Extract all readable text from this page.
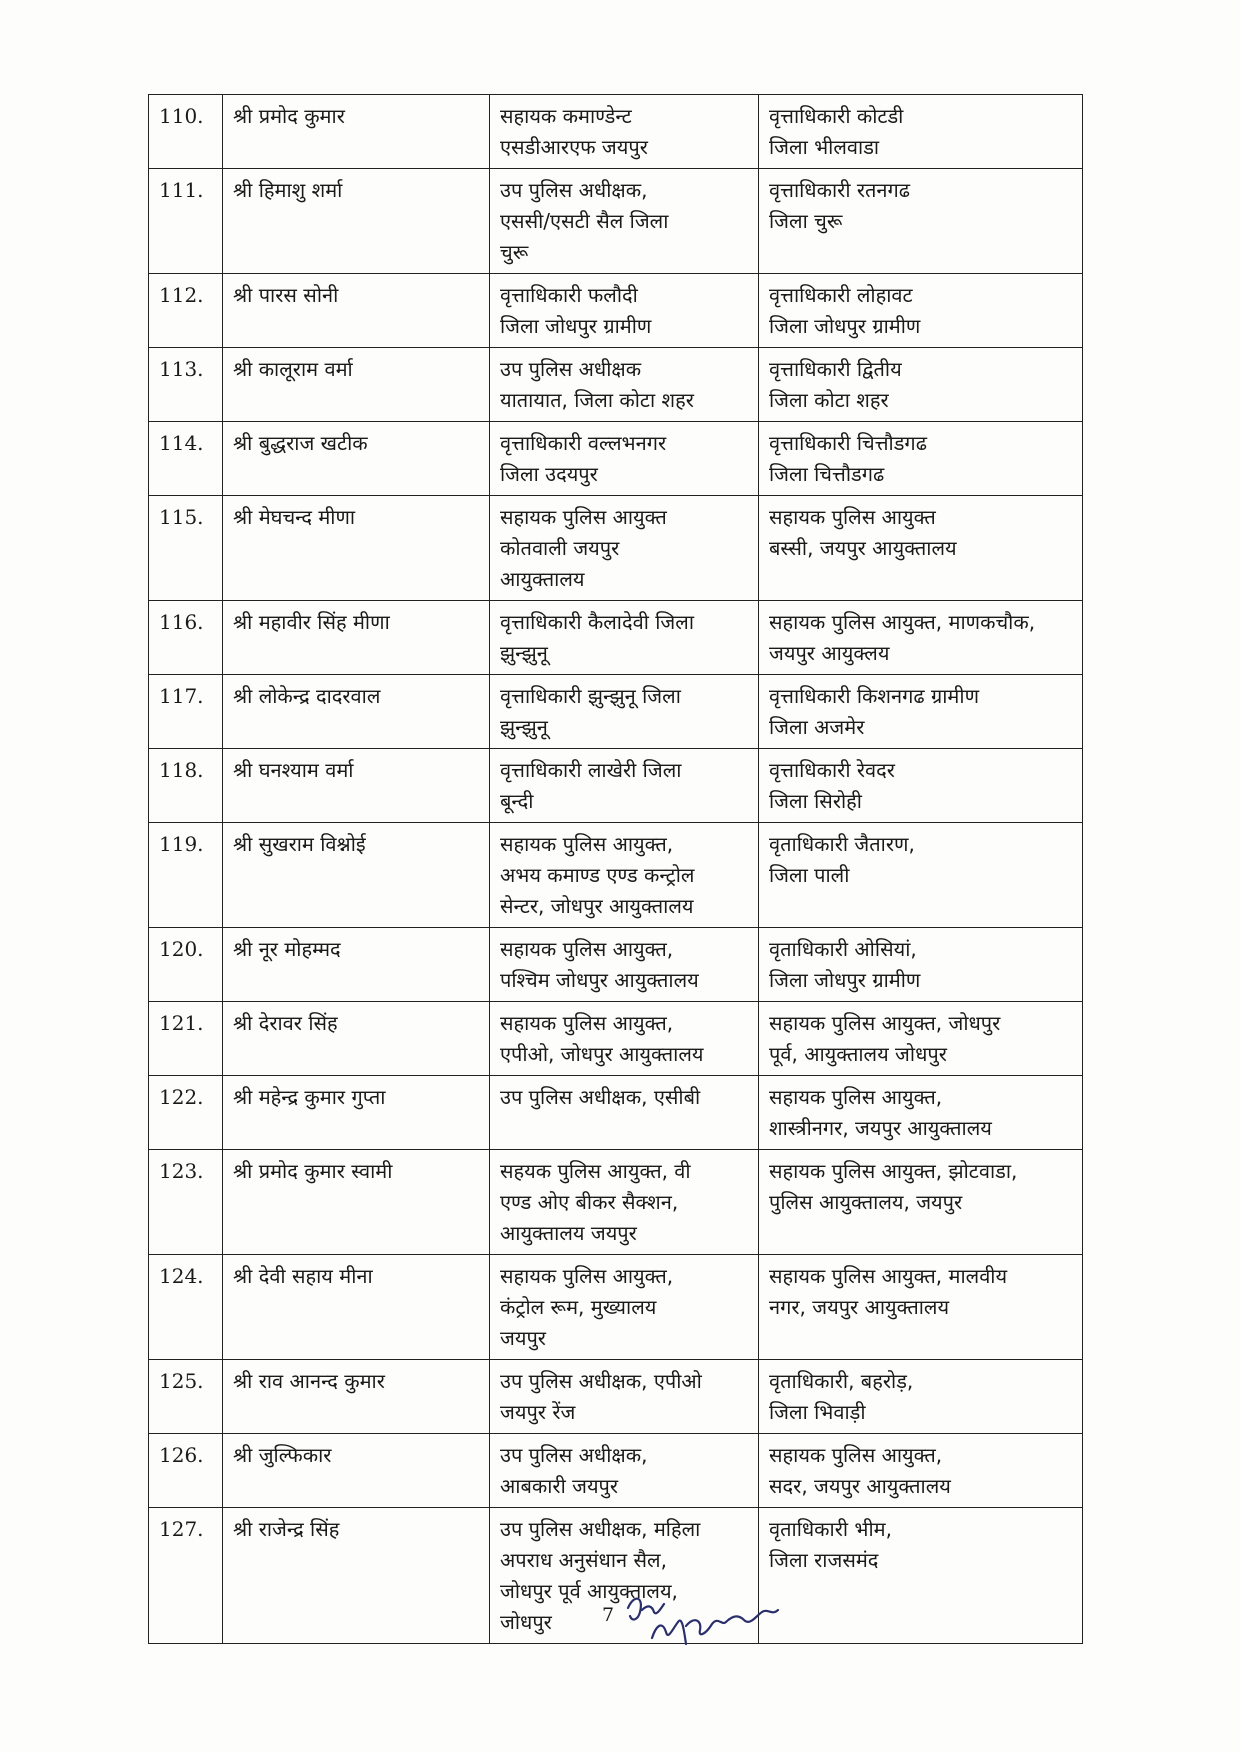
110.	श्री प्रमोद कुमार	सहायक कमाण्डेन्ट
एसडीआरएफ जयपुर	वृत्ताधिकारी कोटडी
जिला भीलवाडा
111.	श्री हिमाशु शर्मा	उप पुलिस अधीक्षक,
एससी/एसटी सैल जिला
चुरू	वृत्ताधिकारी रतनगढ
जिला चुरू
112.	श्री पारस सोनी	वृत्ताधिकारी फलौदी
जिला जोधपुर ग्रामीण	वृत्ताधिकारी लोहावट
जिला जोधपुर ग्रामीण
113.	श्री कालूराम वर्मा	उप पुलिस अधीक्षक
यातायात, जिला कोटा शहर	वृत्ताधिकारी द्वितीय
जिला कोटा शहर
114.	श्री बुद्धराज खटीक	वृत्ताधिकारी वल्लभनगर
जिला उदयपुर	वृत्ताधिकारी चित्तौडगढ
जिला चित्तौडगढ
115.	श्री मेघचन्द मीणा	सहायक पुलिस आयुक्त
कोतवाली जयपुर
आयुक्तालय	सहायक पुलिस आयुक्त
बस्सी, जयपुर आयुक्तालय
116.	श्री महावीर सिंह मीणा	वृत्ताधिकारी कैलादेवी जिला
झुन्झुनू	सहायक पुलिस आयुक्त, माणकचौक,
जयपुर आयुक्लय
117.	श्री लोकेन्द्र दादरवाल	वृत्ताधिकारी झुन्झुनू जिला
झुन्झुनू	वृत्ताधिकारी किशनगढ ग्रामीण
जिला अजमेर
118.	श्री घनश्याम वर्मा	वृत्ताधिकारी लाखेरी जिला
बून्दी	वृत्ताधिकारी रेवदर
जिला सिरोही
119.	श्री सुखराम विश्नोई	सहायक पुलिस आयुक्त,
अभय कमाण्ड एण्ड कन्ट्रोल
सेन्टर, जोधपुर आयुक्तालय	वृताधिकारी जैतारण,
जिला पाली
120.	श्री नूर मोहम्मद	सहायक पुलिस आयुक्त,
पश्चिम जोधपुर आयुक्तालय	वृताधिकारी ओसियां,
जिला जोधपुर ग्रामीण
121.	श्री देरावर सिंह	सहायक पुलिस आयुक्त,
एपीओ, जोधपुर आयुक्तालय	सहायक पुलिस आयुक्त, जोधपुर
पूर्व, आयुक्तालय जोधपुर
122.	श्री महेन्द्र कुमार गुप्ता	उप पुलिस अधीक्षक, एसीबी	सहायक पुलिस आयुक्त,
शास्त्रीनगर, जयपुर आयुक्तालय
123.	श्री प्रमोद कुमार स्वामी	सहयक पुलिस आयुक्त, वी
एण्ड ओए बीकर सैक्शन,
आयुक्तालय जयपुर	सहायक पुलिस आयुक्त, झोटवाडा,
पुलिस आयुक्तालय, जयपुर
124.	श्री देवी सहाय मीना	सहायक पुलिस आयुक्त,
कंट्रोल रूम, मुख्यालय
जयपुर	सहायक पुलिस आयुक्त, मालवीय
नगर, जयपुर आयुक्तालय
125.	श्री राव आनन्द कुमार	उप पुलिस अधीक्षक, एपीओ
जयपुर रेंज	वृताधिकारी, बहरोड़,
जिला भिवाड़ी
126.	श्री जुल्फिकार	उप पुलिस अधीक्षक,
आबकारी जयपुर	सहायक पुलिस आयुक्त,
सदर, जयपुर आयुक्तालय
127.	श्री राजेन्द्र सिंह	उप पुलिस अधीक्षक, महिला
अपराध अनुसंधान सैल,
जोधपुर पूर्व आयुक्तालय,
जोधपुर	वृताधिकारी भीम,
जिला राजसमंद
7
